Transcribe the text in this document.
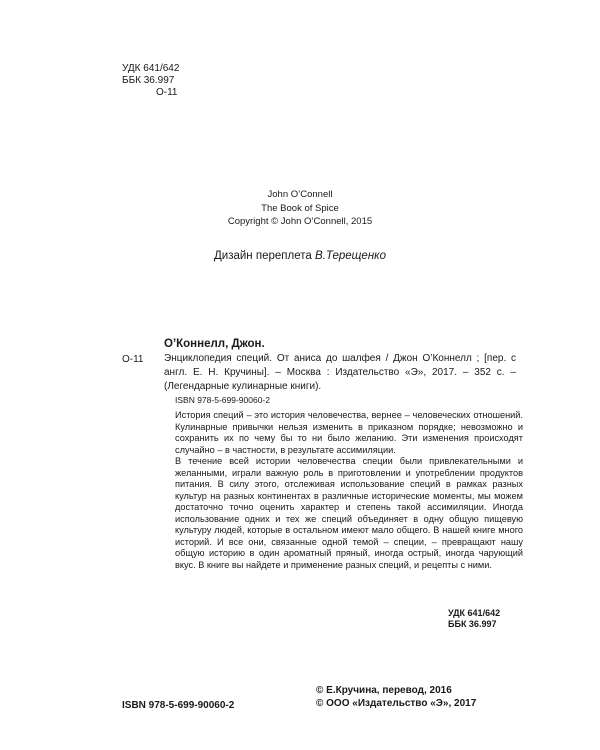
УДК 641/642
ББК 36.997
О-11
John O’Connell
The Book of Spice
Copyright © John O’Connell, 2015
Дизайн переплета В.Терещенко
О’Коннелл, Джон.
О-11 Энциклопедия специй. От аниса до шалфея / Джон О’Коннелл ; [пер. с англ. Е. Н. Кручины]. – Москва : Издательство «Э», 2017. – 352 с. – (Легендарные кулинарные книги).
ISBN 978-5-699-90060-2

История специй – это история человечества, вернее – человеческих отношений. Кулинарные привычки нельзя изменить в приказном порядке; невозможно и сохранить их по чему бы то ни было желанию. Эти изменения происходят случайно – в частности, в результате ассимиляции.

В течение всей истории человечества специи были привлекательными и желанными, играли важную роль в приготовлении и употреблении продуктов питания. В силу этого, отслеживая использование специй в рамках разных культур на разных континентах в различные исторические моменты, мы можем достаточно точно оценить характер и степень такой ассимиляции. Иногда использование одних и тех же специй объединяет в одну общую пищевую культуру людей, которые в остальном имеют мало общего. В нашей книге много историй. И все они, связанные одной темой – специи, – превращают нашу общую историю в один ароматный пряный, иногда острый, иногда чарующий вкус. В книге вы найдете и применение разных специй, и рецепты с ними.

УДК 641/642
ББК 36.997
ISBN 978-5-699-90060-2
© Е.Кручина, перевод, 2016
© ООО «Издательство «Э», 2017
